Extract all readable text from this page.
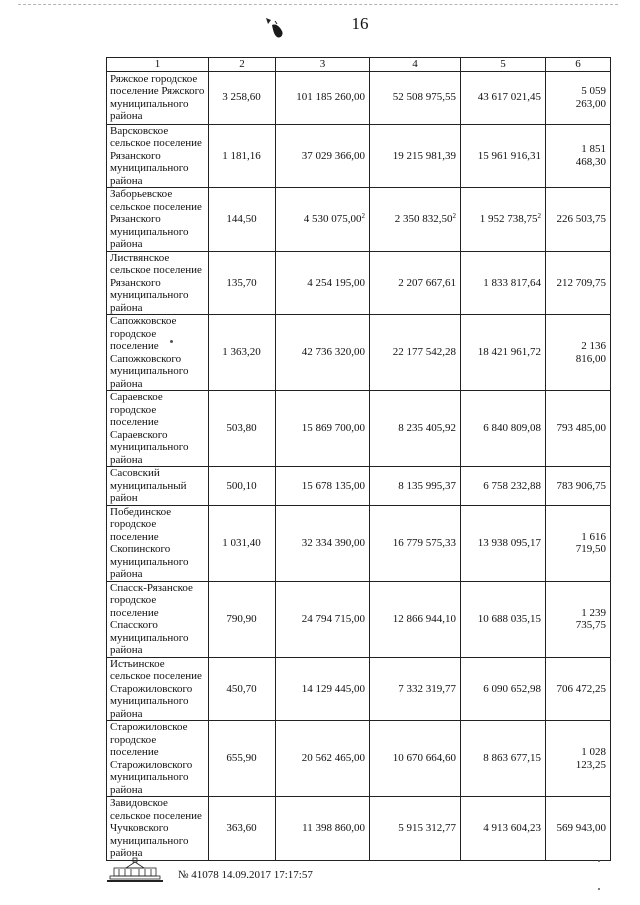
16
1	2	3	4	5	6
Ряжское городское поселение Ряжского муниципального района	3 258,60	101 185 260,00	52 508 975,55	43 617 021,45	5 059 263,00
Варсковское сельское поселение Рязанского муниципального района	1 181,16	37 029 366,00	19 215 981,39	15 961 916,31	1 851 468,30
Заборьевское сельское поселение Рязанского муниципального района	144,50	4 530 075,00$^2$	2 350 832,50$^2$	1 952 738,75$^2$	226 503,75
Листвянское сельское поселение Рязанского муниципального района	135,70	4 254 195,00	2 207 667,61	1 833 817,64	212 709,75
Сапожковское городское поселение Сапожковского муниципального района	1 363,20	42 736 320,00	22 177 542,28	18 421 961,72	2 136 816,00
Сараевское городское поселение Сараевского муниципального района	503,80	15 869 700,00	8 235 405,92	6 840 809,08	793 485,00
Сасовский муниципальный район	500,10	15 678 135,00	8 135 995,37	6 758 232,88	783 906,75
Побединское городское поселение Скопинского муниципального района	1 031,40	32 334 390,00	16 779 575,33	13 938 095,17	1 616 719,50
Спасск-Рязанское городское поселение Спасского муниципального района	790,90	24 794 715,00	12 866 944,10	10 688 035,15	1 239 735,75
Истьинское сельское поселение Старожиловского муниципального района	450,70	14 129 445,00	7 332 319,77	6 090 652,98	706 472,25
Старожиловское городское поселение Старожиловского муниципального района	655,90	20 562 465,00	10 670 664,60	8 863 677,15	1 028 123,25
Завидовское сельское поселение Чучковского муниципального района	363,60	11 398 860,00	5 915 312,77	4 913 604,23	569 943,00
№ 41078 14.09.2017 17:17:57
